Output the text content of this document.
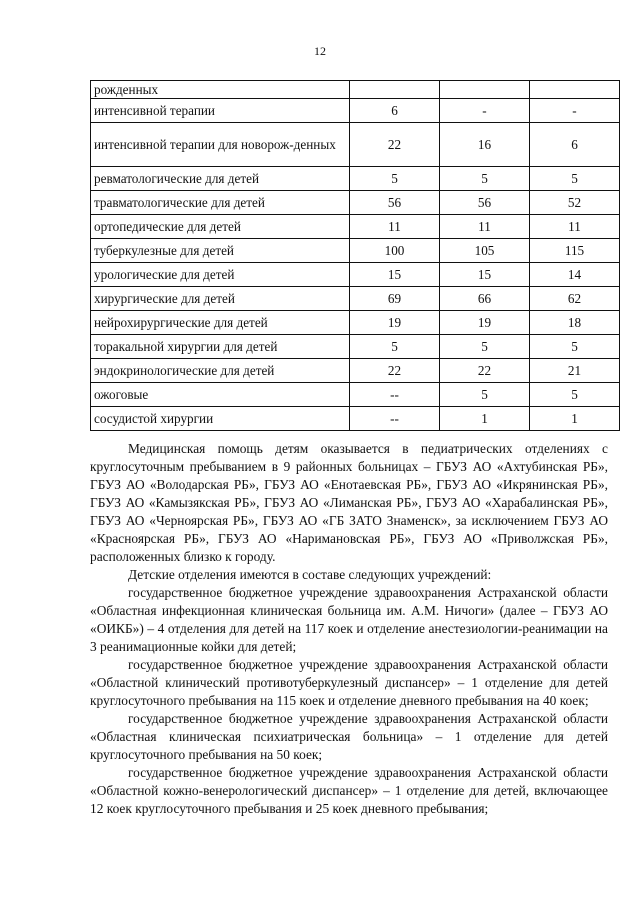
12
рожденных			
интенсивной терапии	6	-	-
интенсивной терапии для новорож-денных	22	16	6
ревматологические для детей	5	5	5
травматологические для детей	56	56	52
ортопедические для детей	11	11	11
туберкулезные для детей	100	105	115
урологические для детей	15	15	14
хирургические для детей	69	66	62
нейрохирургические для детей	19	19	18
торакальной хирургии для детей	5	5	5
эндокринологические для детей	22	22	21
ожоговые	--	5	5
сосудистой хирургии	--	1	1

Медицинская помощь детям оказывается в педиатрических отделениях с круглосуточным пребыванием в 9 районных больницах – ГБУЗ АО «Ахтубинская РБ», ГБУЗ АО «Володарская РБ», ГБУЗ АО «Енотаевская РБ», ГБУЗ АО «Икрянинская РБ», ГБУЗ АО «Камызякская РБ», ГБУЗ АО «Лиманская РБ», ГБУЗ АО «Харабалинская РБ», ГБУЗ АО «Черноярская РБ», ГБУЗ АО «ГБ ЗАТО Знаменск», за исключением ГБУЗ АО «Красноярская РБ», ГБУЗ АО «Наримановская РБ», ГБУЗ АО «Приволжская РБ», расположенных близко к городу.

Детские отделения имеются в составе следующих учреждений:

государственное бюджетное учреждение здравоохранения Астраханской области «Областная инфекционная клиническая больница им. А.М. Ничоги» (далее – ГБУЗ АО «ОИКБ») – 4 отделения для детей на 117 коек и отделение анестезиологии-реанимации на 3 реанимационные койки для детей;

государственное бюджетное учреждение здравоохранения Астраханской области «Областной клинический противотуберкулезный диспансер» – 1 отделение для детей круглосуточного пребывания на 115 коек и отделение дневного пребывания на 40 коек;

государственное бюджетное учреждение здравоохранения Астраханской области «Областная клиническая психиатрическая больница» – 1 отделение для детей круглосуточного пребывания на 50 коек;

государственное бюджетное учреждение здравоохранения Астраханской области «Областной кожно-венерологический диспансер» – 1 отделение для детей, включающее 12 коек круглосуточного пребывания и 25 коек дневного пребывания;
